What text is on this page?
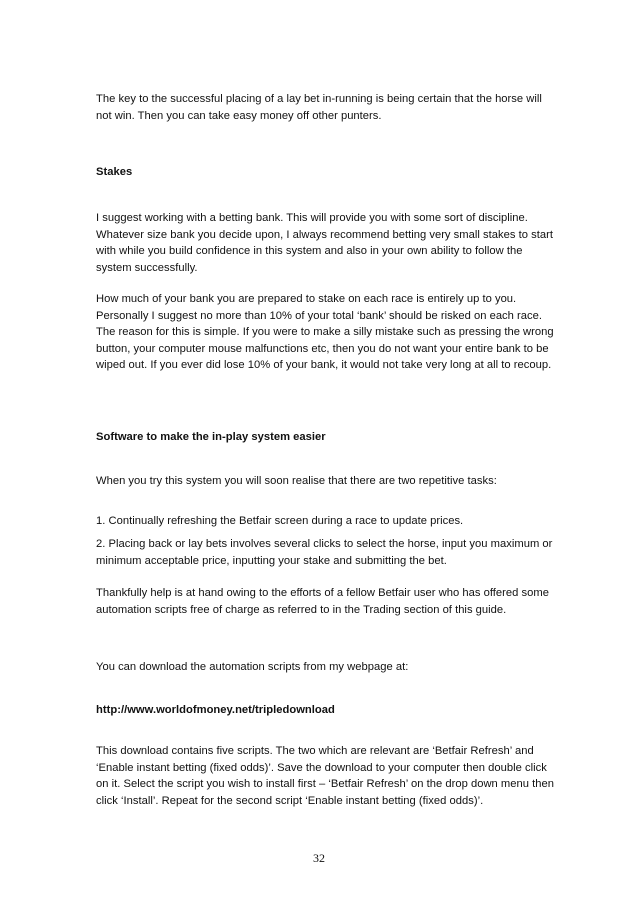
The key to the successful placing of a lay bet in-running is being certain that the horse will not win. Then you can take easy money off other punters.
Stakes
I suggest working with a betting bank. This will provide you with some sort of discipline. Whatever size bank you decide upon, I always recommend betting very small stakes to start with while you build confidence in this system and also in your own ability to follow the system successfully.
How much of your bank you are prepared to stake on each race is entirely up to you. Personally I suggest no more than 10% of your total ‘bank’ should be risked on each race. The reason for this is simple. If you were to make a silly mistake such as pressing the wrong button, your computer mouse malfunctions etc, then you do not want your entire bank to be wiped out. If you ever did lose 10% of your bank, it would not take very long at all to recoup.
Software to make the in-play system easier
When you try this system you will soon realise that there are two repetitive tasks:
1. Continually refreshing the Betfair screen during a race to update prices.
2. Placing back or lay bets involves several clicks to select the horse, input you maximum or minimum acceptable price, inputting your stake and submitting the bet.
Thankfully help is at hand owing to the efforts of a fellow Betfair user who has offered some automation scripts free of charge as referred to in the Trading section of this guide.
You can download the automation scripts from my webpage at:
http://www.worldofmoney.net/tripledownload
This download contains five scripts. The two which are relevant are ‘Betfair Refresh’ and ‘Enable instant betting (fixed odds)’. Save the download to your computer then double click on it. Select the script you wish to install first – ‘Betfair Refresh’ on the drop down menu then click ‘Install’. Repeat for the second script ‘Enable instant betting (fixed odds)’.
32
